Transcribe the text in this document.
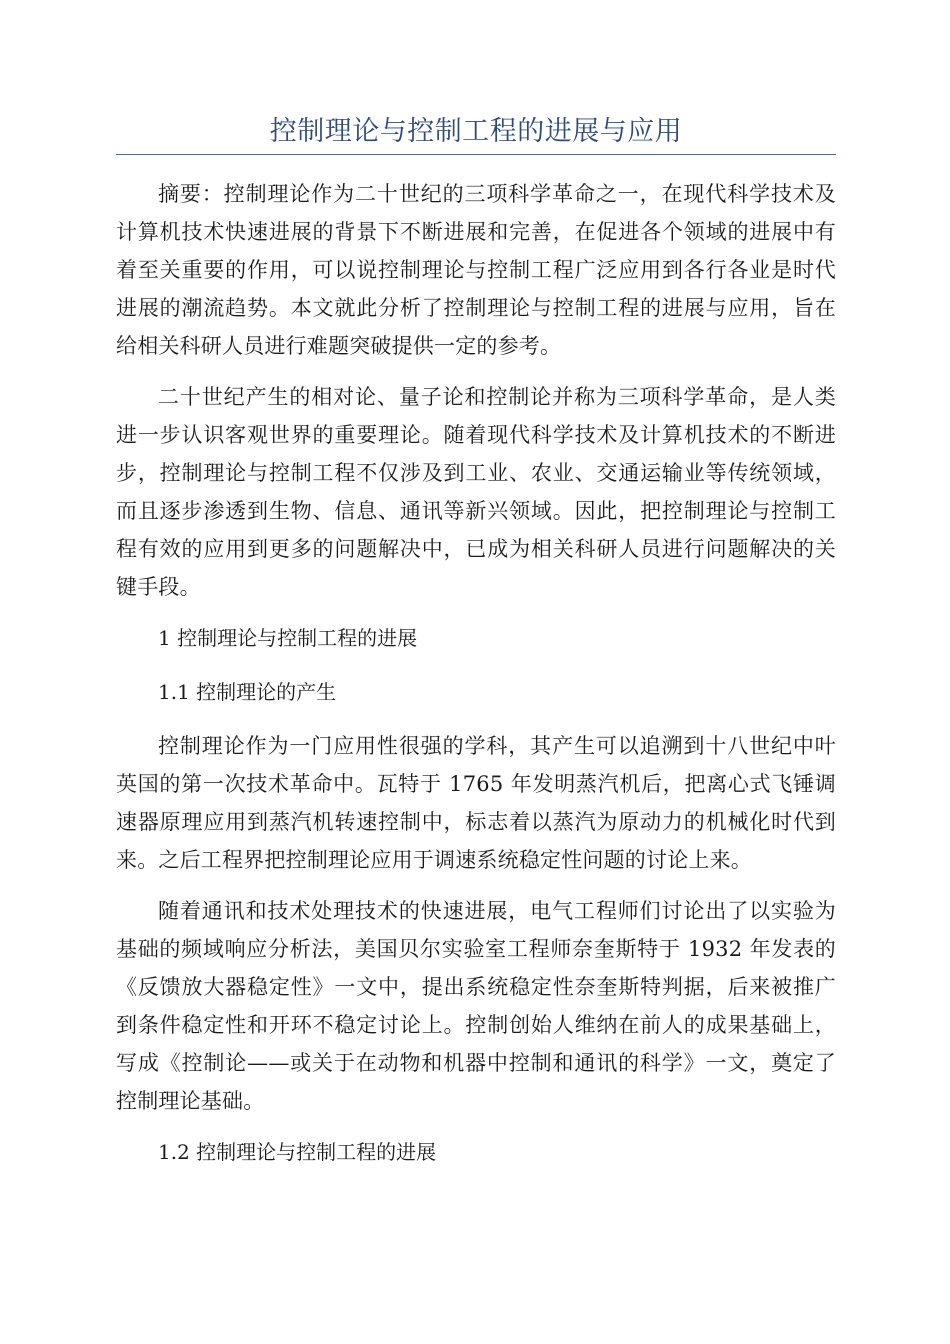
控制理论与控制工程的进展与应用

摘要：控制理论作为二十世纪的三项科学革命之一，在现代科学技术及计算机技术快速进展的背景下不断进展和完善，在促进各个领域的进展中有着至关重要的作用，可以说控制理论与控制工程广泛应用到各行各业是时代进展的潮流趋势。本文就此分析了控制理论与控制工程的进展与应用，旨在给相关科研人员进行难题突破提供一定的参考。

二十世纪产生的相对论、量子论和控制论并称为三项科学革命，是人类进一步认识客观世界的重要理论。随着现代科学技术及计算机技术的不断进步，控制理论与控制工程不仅涉及到工业、农业、交通运输业等传统领域，而且逐步渗透到生物、信息、通讯等新兴领域。因此，把控制理论与控制工程有效的应用到更多的问题解决中，已成为相关科研人员进行问题解决的关键手段。

1 控制理论与控制工程的进展

1.1 控制理论的产生

控制理论作为一门应用性很强的学科，其产生可以追溯到十八世纪中叶英国的第一次技术革命中。瓦特于 1765 年发明蒸汽机后，把离心式飞锤调速器原理应用到蒸汽机转速控制中，标志着以蒸汽为原动力的机械化时代到来。之后工程界把控制理论应用于调速系统稳定性问题的讨论上来。

随着通讯和技术处理技术的快速进展，电气工程师们讨论出了以实验为基础的频域响应分析法，美国贝尔实验室工程师奈奎斯特于 1932 年发表的《反馈放大器稳定性》一文中，提出系统稳定性奈奎斯特判据，后来被推广到条件稳定性和开环不稳定讨论上。控制创始人维纳在前人的成果基础上，写成《控制论——或关于在动物和机器中控制和通讯的科学》一文，奠定了控制理论基础。

1.2 控制理论与控制工程的进展
